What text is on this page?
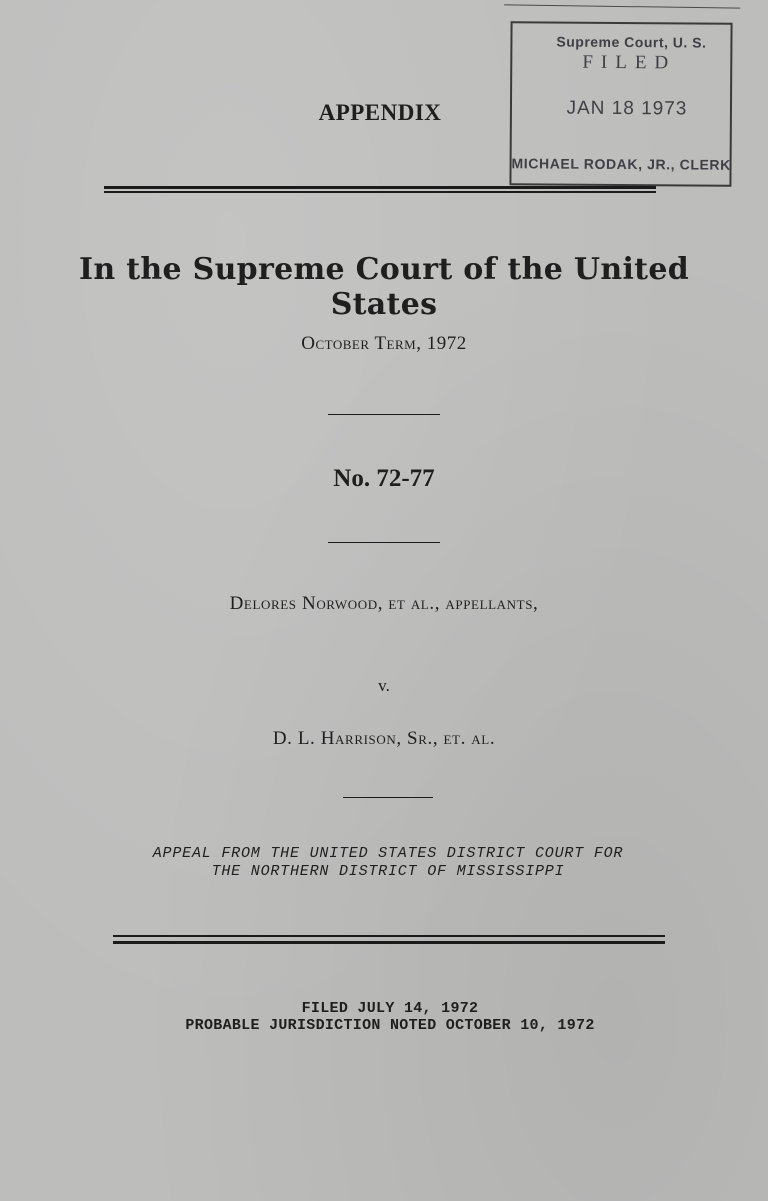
APPENDIX
Supreme Court, U. S.
FILED
JAN 18 1973
MICHAEL RODAK, JR., CLERK
In the Supreme Court of the United States
October Term, 1972
No. 72-77
Delores Norwood, et al., appellants,
v.
D. L. Harrison, Sr., et. al.
APPEAL FROM THE UNITED STATES DISTRICT COURT FOR
THE NORTHERN DISTRICT OF MISSISSIPPI
FILED JULY 14, 1972
PROBABLE JURISDICTION NOTED OCTOBER 10, 1972
